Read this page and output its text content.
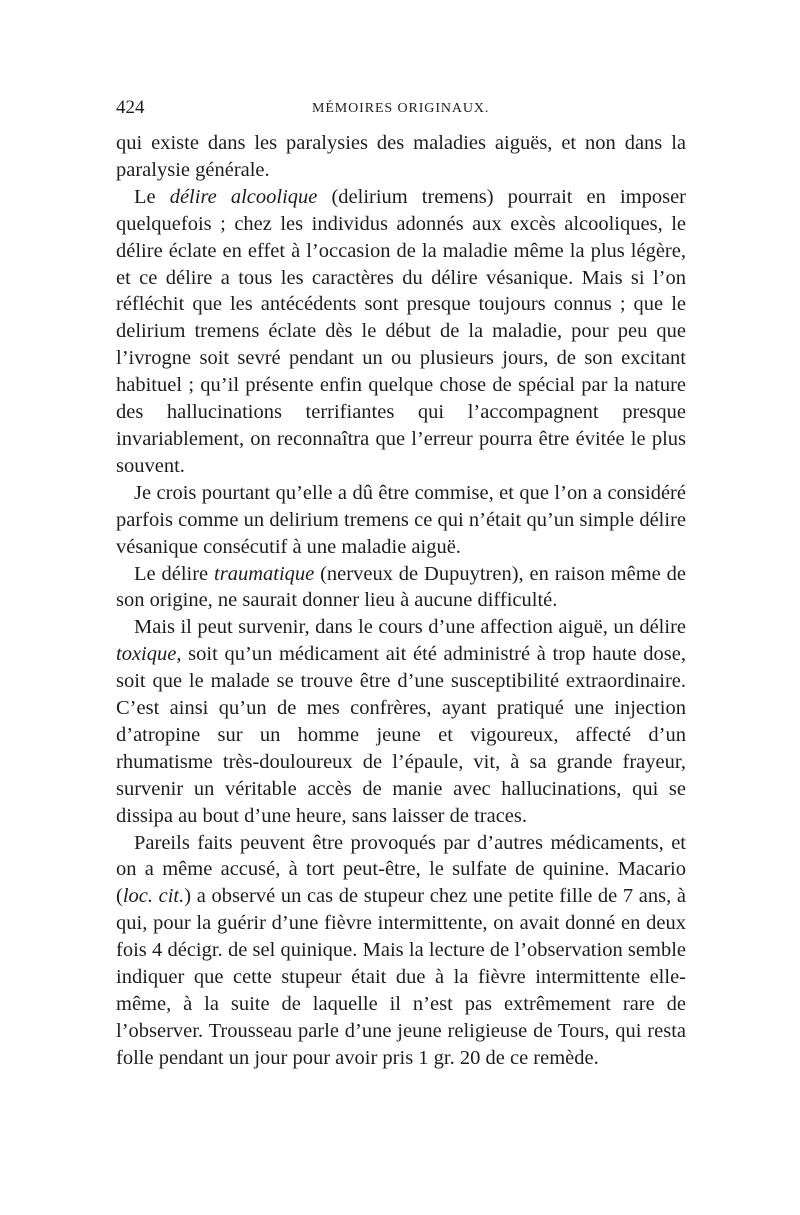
424	MÉMOIRES ORIGINAUX.

qui existe dans les paralysies des maladies aiguës, et non dans la paralysie générale.

Le délire alcoolique (delirium tremens) pourrait en imposer quelquefois ; chez les individus adonnés aux excès alcooliques, le délire éclate en effet à l’occasion de la maladie même la plus légère, et ce délire a tous les caractères du délire vésanique. Mais si l’on réfléchit que les antécédents sont presque toujours connus ; que le delirium tremens éclate dès le début de la maladie, pour peu que l’ivrogne soit sevré pendant un ou plusieurs jours, de son excitant habituel ; qu’il présente enfin quelque chose de spécial par la nature des hallucinations terrifiantes qui l’accompagnent presque invariablement, on reconnaîtra que l’erreur pourra être évitée le plus souvent.

Je crois pourtant qu’elle a dû être commise, et que l’on a considéré parfois comme un delirium tremens ce qui n’était qu’un simple délire vésanique consécutif à une maladie aiguë.

Le délire traumatique (nerveux de Dupuytren), en raison même de son origine, ne saurait donner lieu à aucune difficulté.

Mais il peut survenir, dans le cours d’une affection aiguë, un délire toxique, soit qu’un médicament ait été administré à trop haute dose, soit que le malade se trouve être d’une susceptibilité extraordinaire. C’est ainsi qu’un de mes confrères, ayant pratiqué une injection d’atropine sur un homme jeune et vigoureux, affecté d’un rhumatisme très-douloureux de l’épaule, vit, à sa grande frayeur, survenir un véritable accès de manie avec hallucinations, qui se dissipa au bout d’une heure, sans laisser de traces.

Pareils faits peuvent être provoqués par d’autres médicaments, et on a même accusé, à tort peut-être, le sulfate de quinine. Macario (loc. cit.) a observé un cas de stupeur chez une petite fille de 7 ans, à qui, pour la guérir d’une fièvre intermittente, on avait donné en deux fois 4 décigr. de sel quinique. Mais la lecture de l’observation semble indiquer que cette stupeur était due à la fièvre intermittente elle-même, à la suite de laquelle il n’est pas extrêmement rare de l’observer. Trousseau parle d’une jeune religieuse de Tours, qui resta folle pendant un jour pour avoir pris 1 gr. 20 de ce remède.
